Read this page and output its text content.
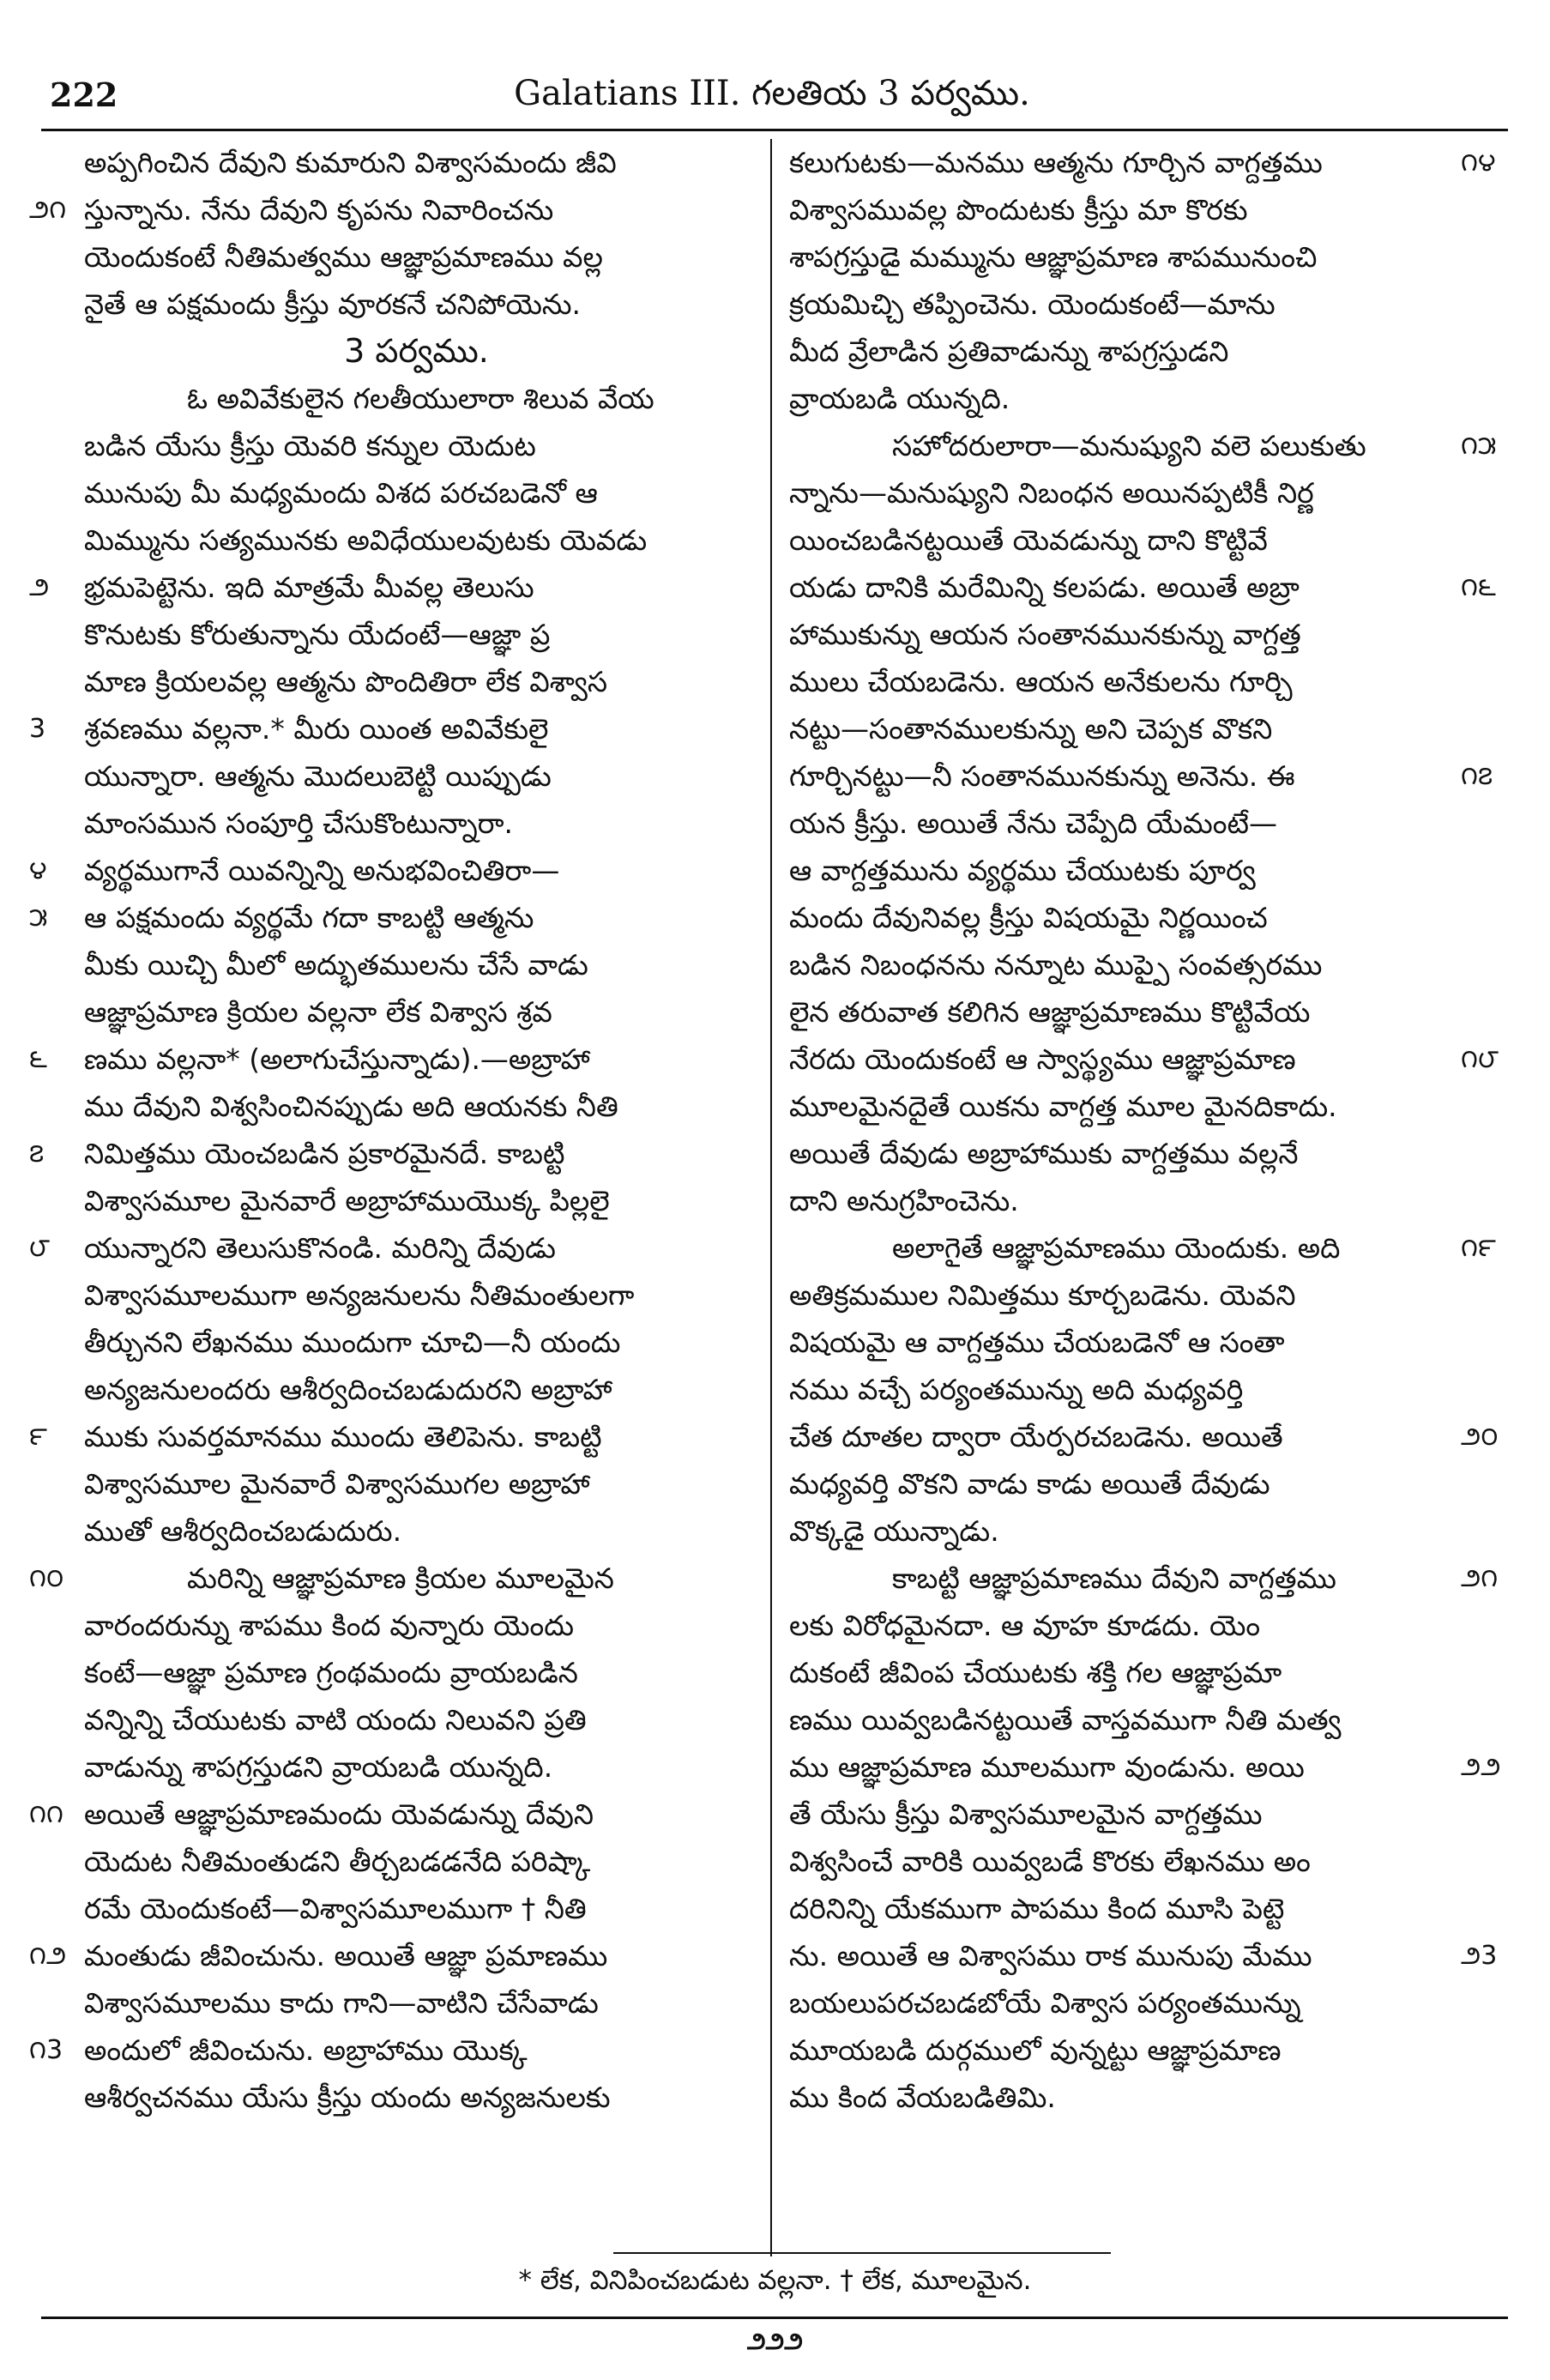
222	Galatians III. గలతియ 3 పర్వము.
అప్పగించిన దేవుని కుమారుని విశ్వాసమందు జీవి
౨౧ స్తున్నాను. నేను దేవుని కృపను నివారించను
యెందుకంటే నీతిమత్వము ఆజ్ఞాప్రమాణము వల్ల
నైతే ఆ పక్షమందు క్రీస్తు వూరకనే చనిపోయెను.
3 పర్వము.
ఓ అవివేకులైన గలతీయులారా శిలువ వేయ
బడిన యేసు క్రీస్తు యెవరి కన్నుల యెదుట
మునుపు మీ మధ్యమందు విశద పరచబడెనో ఆ
మిమ్మును సత్యమునకు అవిధేయులవుటకు యెవడు
౨	భ్రమపెట్టెను. ఇది మాత్రమే మీవల్ల తెలుసు
కొనుటకు కోరుతున్నాను యేదంటే—ఆజ్ఞా ప్ర
మాణ క్రియలవల్ల ఆత్మను పొందితిరా లేక విశ్వాస
3	శ్రవణము వల్లనా.* మీరు యింత అవివేకులై
యున్నారా. ఆత్మను మొదలుబెట్టి యిప్పుడు
మాంసమున సంపూర్తి చేసుకొంటున్నారా.
౪	వ్యర్థముగానే యివన్నిన్ని అనుభవించితిరా—
౫	ఆ పక్షమందు వ్యర్థమే గదా కాబట్టి ఆత్మను
మీకు యిచ్చి మీలో అద్భుతములను చేసే వాడు
ఆజ్ఞాప్రమాణ క్రియల వల్లనా లేక విశ్వాస శ్రవ
౬	ణము వల్లనా* (అలాగుచేస్తున్నాడు).—అబ్రాహా
ము దేవుని విశ్వసించినప్పుడు అది ఆయనకు నీతి
౭	నిమిత్తము యెంచబడిన ప్రకారమైనదే. కాబట్టి
విశ్వాసమూల మైనవారే అబ్రాహాముయొక్క పిల్లలై
౮	యున్నారని తెలుసుకొనండి. మరిన్ని దేవుడు
విశ్వాసమూలముగా అన్యజనులను నీతిమంతులగా
తీర్చునని లేఖనము ముందుగా చూచి—నీ యందు
అన్యజనులందరు ఆశీర్వదించబడుదురని అబ్రాహా
౯	ముకు సువర్తమానము ముందు తెలిపెను. కాబట్టి
విశ్వాసమూల మైనవారే విశ్వాసముగల అబ్రాహా
ముతో ఆశీర్వదించబడుదురు.
౧౦	మరిన్ని ఆజ్ఞాప్రమాణ క్రియల మూలమైన
వారందరున్ను శాపము కింద వున్నారు యెందు
కంటే—ఆజ్ఞా ప్రమాణ గ్రంథమందు వ్రాయబడిన
వన్నిన్ని చేయుటకు వాటి యందు నిలువని ప్రతి
వాడున్ను శాపగ్రస్తుడని వ్రాయబడి యున్నది.
౧౧ అయితే ఆజ్ఞాప్రమాణమందు యెవడున్ను దేవుని
యెదుట నీతిమంతుడని తీర్చబడడనేది పరిష్కా
రమే యెందుకంటే—విశ్వాసమూలముగా † నీతి
౧౨ మంతుడు జీవించును. అయితే ఆజ్ఞా ప్రమాణము
విశ్వాసమూలము కాదు గాని—వాటిని చేసేవాడు
౧3 అందులో జీవించును. అబ్రాహాము యొక్క
ఆశీర్వచనము యేసు క్రీస్తు యందు అన్యజనులకు
౧౪
కలుగుటకు—మనము ఆత్మను గూర్చిన వాగ్దత్తము
విశ్వాసమువల్ల పొందుటకు క్రీస్తు మా కొరకు
శాపగ్రస్తుడై మమ్మును ఆజ్ఞాప్రమాణ శాపమునుంచి
క్రయమిచ్చి తప్పించెను. యెందుకంటే—మాను
మీద వ్రేలాడిన ప్రతివాడున్ను శాపగ్రస్తుడని
వ్రాయబడి యున్నది.
౧౫
సహోదరులారా—మనుష్యుని వలె పలుకుతు
న్నాను—మనుష్యుని నిబంధన అయినప్పటికీ నిర్ణ
యించబడినట్టయితే యెవడున్ను దాని కొట్టివే
౧౬
యడు దానికి మరేమిన్ని కలపడు. అయితే అబ్రా
హాముకున్ను ఆయన సంతానమునకున్ను వాగ్దత్త
ములు చేయబడెను. ఆయన అనేకులను గూర్చి
నట్టు—సంతానములకున్ను అని చెప్పక వొకని
౧౭
గూర్చినట్టు—నీ సంతానమునకున్ను అనెను. ఈ
యన క్రీస్తు. అయితే నేను చెప్పేది యేమంటే—
ఆ వాగ్దత్తమును వ్యర్థము చేయుటకు పూర్వ
మందు దేవునివల్ల క్రీస్తు విషయమై నిర్ణయించ
బడిన నిబంధనను నన్నూట ముప్పై సంవత్సరము
లైన తరువాత కలిగిన ఆజ్ఞాప్రమాణము కొట్టివేయ
౧౮
నేరదు యెందుకంటే ఆ స్వాస్థ్యము ఆజ్ఞాప్రమాణ
మూలమైనదైతే యికను వాగ్దత్త మూల మైనదికాదు.
అయితే దేవుడు అబ్రాహాముకు వాగ్దత్తము వల్లనే
దాని అనుగ్రహించెను.
౧౯
అలాగైతే ఆజ్ఞాప్రమాణము యెందుకు. అది
అతిక్రమముల నిమిత్తము కూర్చబడెను. యెవని
విషయమై ఆ వాగ్దత్తము చేయబడెనో ఆ సంతా
నము వచ్చే పర్యంతమున్ను అది మధ్యవర్తి
౨౦
చేత దూతల ద్వారా యేర్పరచబడెను. అయితే
మధ్యవర్తి వొకని వాడు కాడు అయితే దేవుడు
వొక్కడై యున్నాడు.
౨౧
కాబట్టి ఆజ్ఞాప్రమాణము దేవుని వాగ్దత్తము
లకు విరోధమైనదా. ఆ వూహ కూడదు. యెం
దుకంటే జీవింప చేయుటకు శక్తి గల ఆజ్ఞాప్రమా
ణము యివ్వబడినట్టయితే వాస్తవముగా నీతి మత్వ
౨౨
ము ఆజ్ఞాప్రమాణ మూలముగా వుండును. అయి
తే యేసు క్రీస్తు విశ్వాసమూలమైన వాగ్దత్తము
విశ్వసించే వారికి యివ్వబడే కొరకు లేఖనము అం
దరినిన్ని యేకముగా పాపము కింద మూసి పెట్టె
౨3
ను. అయితే ఆ విశ్వాసము రాక మునుపు మేము
బయలుపరచబడబోయే విశ్వాస పర్యంతమున్ను
మూయబడి దుర్గములో వున్నట్టు ఆజ్ఞాప్రమాణ
ము కింద వేయబడితిమి.
* లేక, వినిపించబడుట వల్లనా. † లేక, మూలమైన.
౨౨౨
